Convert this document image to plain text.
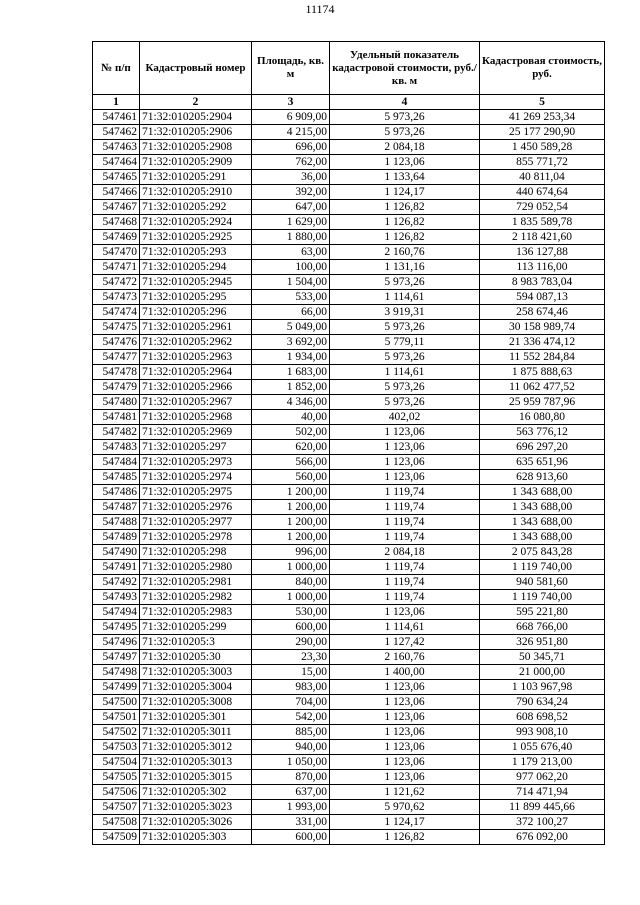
11174
№ п/п	Кадастровый номер	Площадь, кв. м	Удельный показатель кадастровой стоимости, руб./кв. м	Кадастровая стоимость, руб.
1	2	3	4	5
547461	71:32:010205:2904	6 909,00	5 973,26	41 269 253,34
547462	71:32:010205:2906	4 215,00	5 973,26	25 177 290,90
547463	71:32:010205:2908	696,00	2 084,18	1 450 589,28
547464	71:32:010205:2909	762,00	1 123,06	855 771,72
547465	71:32:010205:291	36,00	1 133,64	40 811,04
547466	71:32:010205:2910	392,00	1 124,17	440 674,64
547467	71:32:010205:292	647,00	1 126,82	729 052,54
547468	71:32:010205:2924	1 629,00	1 126,82	1 835 589,78
547469	71:32:010205:2925	1 880,00	1 126,82	2 118 421,60
547470	71:32:010205:293	63,00	2 160,76	136 127,88
547471	71:32:010205:294	100,00	1 131,16	113 116,00
547472	71:32:010205:2945	1 504,00	5 973,26	8 983 783,04
547473	71:32:010205:295	533,00	1 114,61	594 087,13
547474	71:32:010205:296	66,00	3 919,31	258 674,46
547475	71:32:010205:2961	5 049,00	5 973,26	30 158 989,74
547476	71:32:010205:2962	3 692,00	5 779,11	21 336 474,12
547477	71:32:010205:2963	1 934,00	5 973,26	11 552 284,84
547478	71:32:010205:2964	1 683,00	1 114,61	1 875 888,63
547479	71:32:010205:2966	1 852,00	5 973,26	11 062 477,52
547480	71:32:010205:2967	4 346,00	5 973,26	25 959 787,96
547481	71:32:010205:2968	40,00	402,02	16 080,80
547482	71:32:010205:2969	502,00	1 123,06	563 776,12
547483	71:32:010205:297	620,00	1 123,06	696 297,20
547484	71:32:010205:2973	566,00	1 123,06	635 651,96
547485	71:32:010205:2974	560,00	1 123,06	628 913,60
547486	71:32:010205:2975	1 200,00	1 119,74	1 343 688,00
547487	71:32:010205:2976	1 200,00	1 119,74	1 343 688,00
547488	71:32:010205:2977	1 200,00	1 119,74	1 343 688,00
547489	71:32:010205:2978	1 200,00	1 119,74	1 343 688,00
547490	71:32:010205:298	996,00	2 084,18	2 075 843,28
547491	71:32:010205:2980	1 000,00	1 119,74	1 119 740,00
547492	71:32:010205:2981	840,00	1 119,74	940 581,60
547493	71:32:010205:2982	1 000,00	1 119,74	1 119 740,00
547494	71:32:010205:2983	530,00	1 123,06	595 221,80
547495	71:32:010205:299	600,00	1 114,61	668 766,00
547496	71:32:010205:3	290,00	1 127,42	326 951,80
547497	71:32:010205:30	23,30	2 160,76	50 345,71
547498	71:32:010205:3003	15,00	1 400,00	21 000,00
547499	71:32:010205:3004	983,00	1 123,06	1 103 967,98
547500	71:32:010205:3008	704,00	1 123,06	790 634,24
547501	71:32:010205:301	542,00	1 123,06	608 698,52
547502	71:32:010205:3011	885,00	1 123,06	993 908,10
547503	71:32:010205:3012	940,00	1 123,06	1 055 676,40
547504	71:32:010205:3013	1 050,00	1 123,06	1 179 213,00
547505	71:32:010205:3015	870,00	1 123,06	977 062,20
547506	71:32:010205:302	637,00	1 121,62	714 471,94
547507	71:32:010205:3023	1 993,00	5 970,62	11 899 445,66
547508	71:32:010205:3026	331,00	1 124,17	372 100,27
547509	71:32:010205:303	600,00	1 126,82	676 092,00
